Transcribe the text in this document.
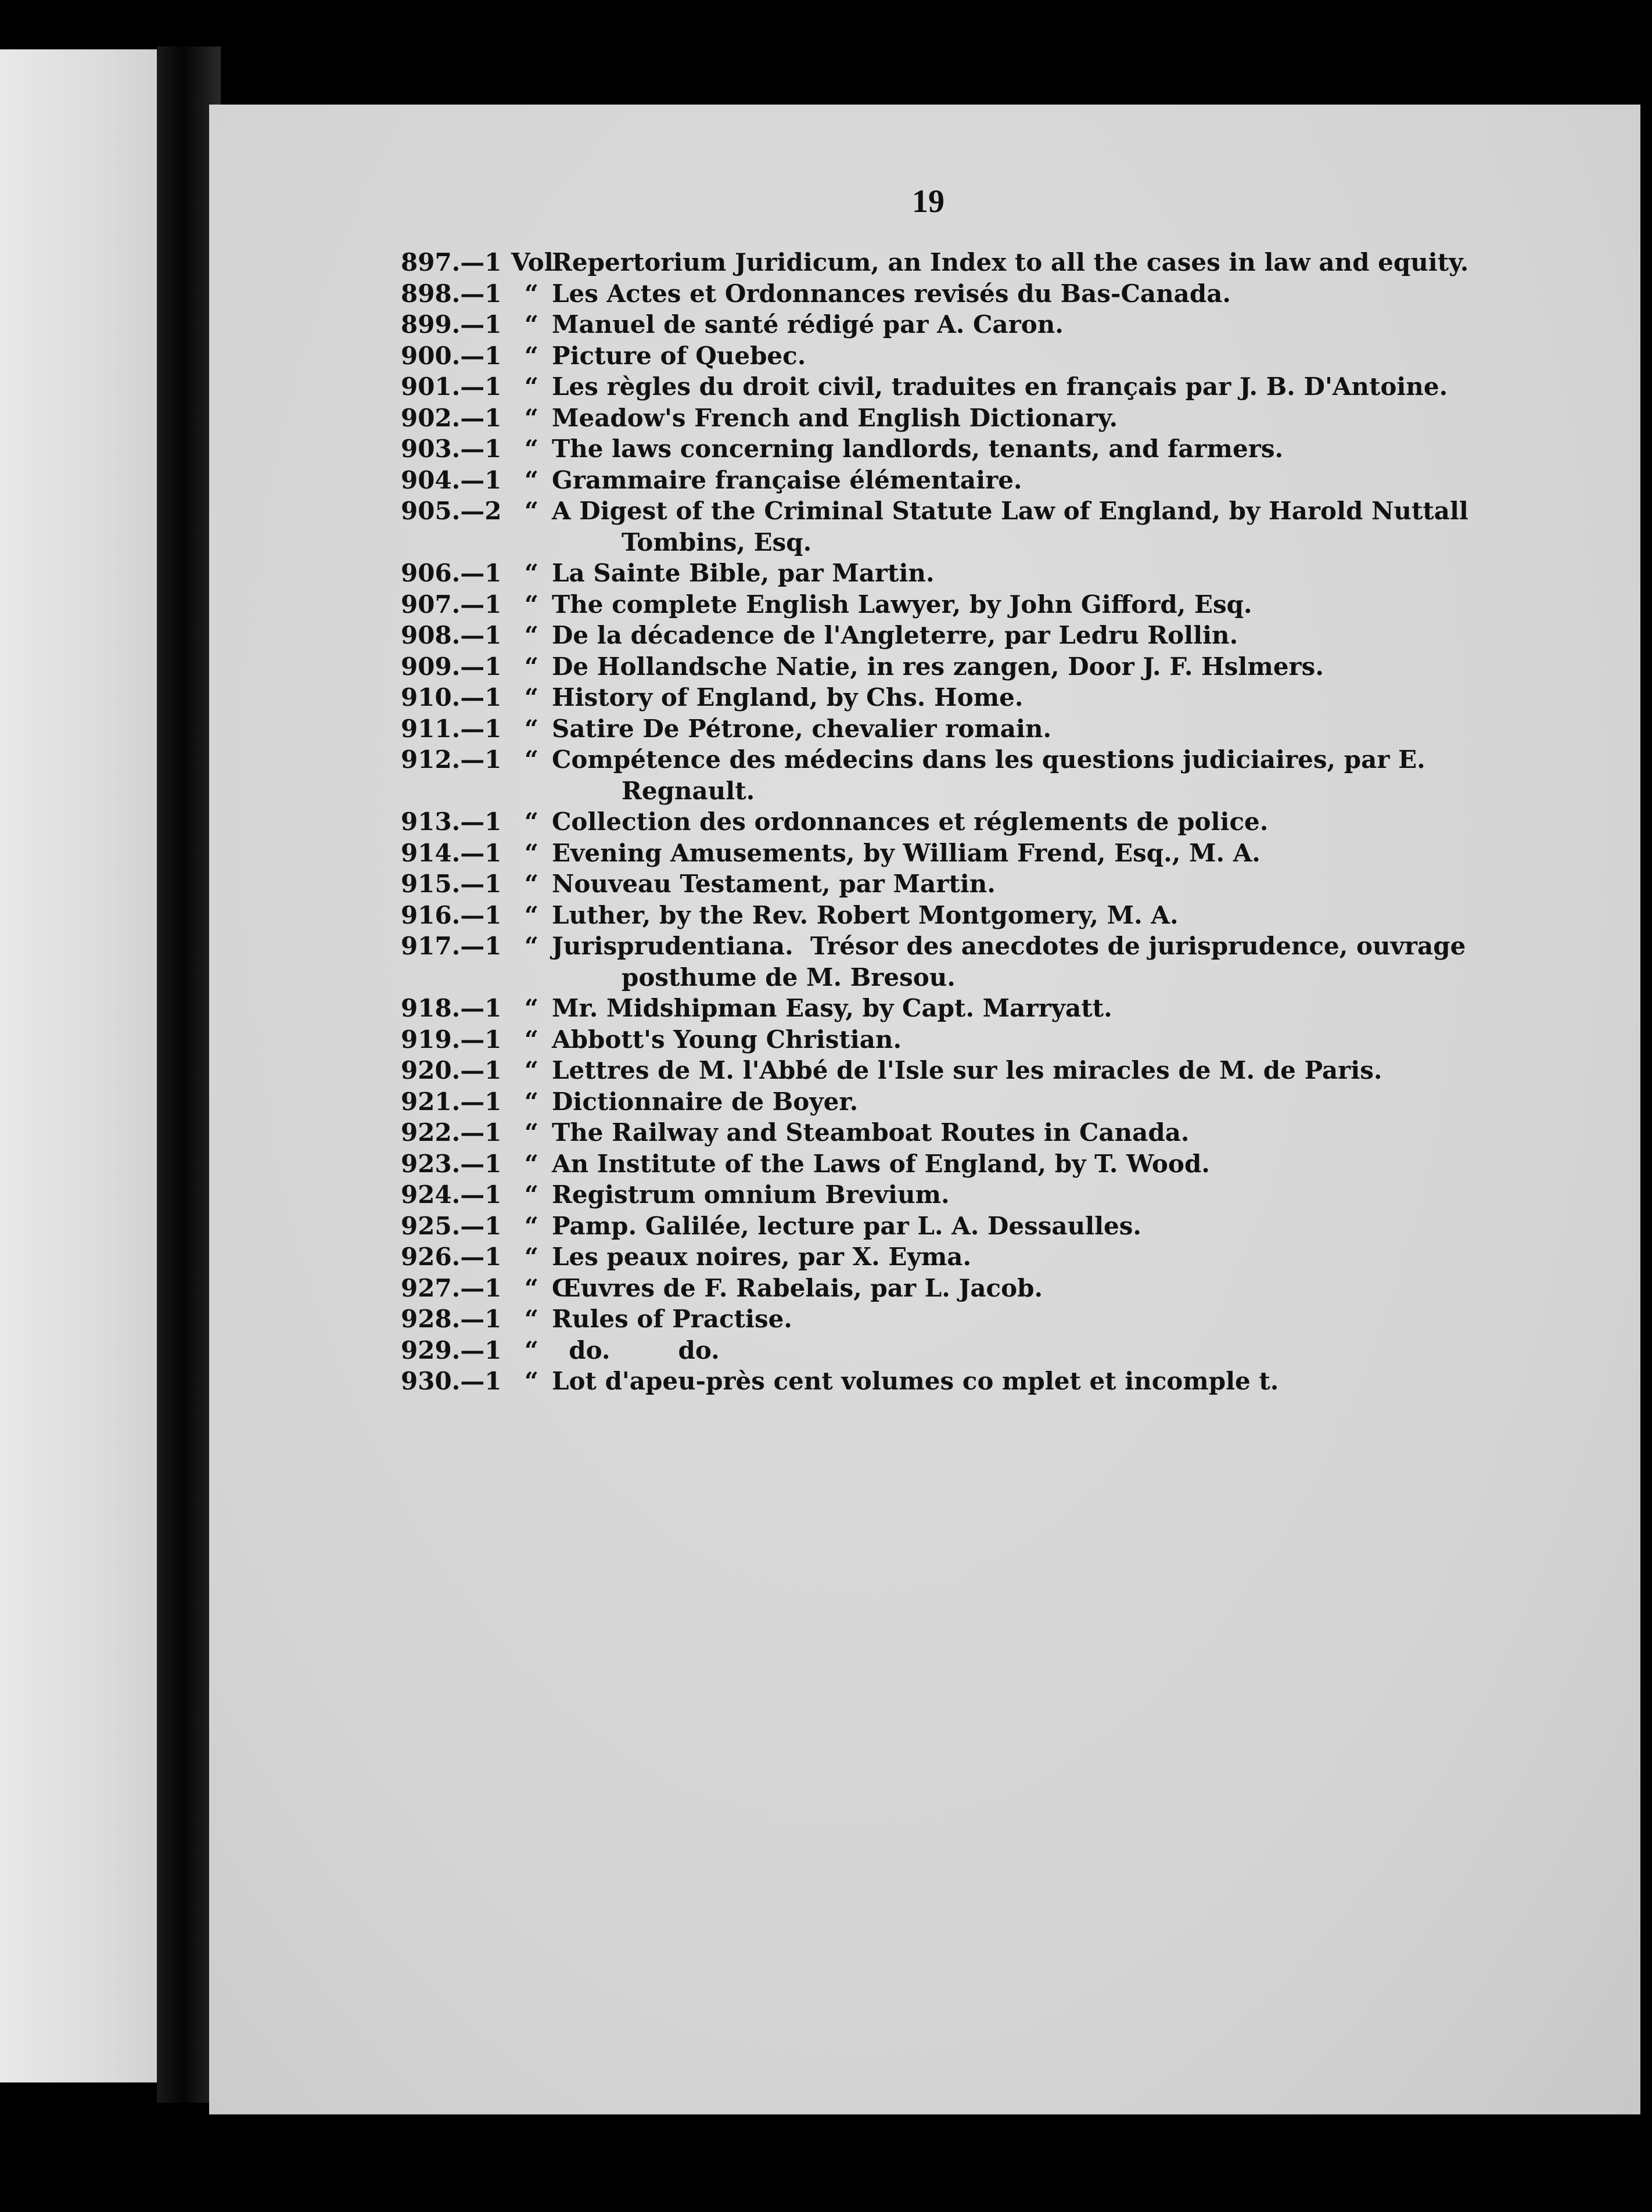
19
897.—1 Vol.
Repertorium Juridicum, an Index to all the cases in law and equity.
898.—1 “ Les Actes et Ordonnances revisés du Bas-Canada.
899.—1 “ Manuel de santé rédigé par A. Caron.
900.—1 “ Picture of Quebec.
901.—1 “ Les règles du droit civil, traduites en français par J. B. D'Antoine.
902.—1 “ Meadow's French and English Dictionary.
903.—1 “ The laws concerning landlords, tenants, and farmers.
904.—1 “ Grammaire française élémentaire.
905.—2 “ A Digest of the Criminal Statute Law of England, by Harold Nuttall
Tombins, Esq.
906.—1 “ La Sainte Bible, par Martin.
907.—1 “ The complete English Lawyer, by John Gifford, Esq.
908.—1 “ De la décadence de l'Angleterre, par Ledru Rollin.
909.—1 “ De Hollandsche Natie, in res zangen, Door J. F. Hslmers.
910.—1 “ History of England, by Chs. Home.
911.—1 “ Satire De Pétrone, chevalier romain.
912.—1 “ Compétence des médecins dans les questions judiciaires, par E.
Regnault.
913.—1 “ Collection des ordonnances et réglements de police.
914.—1 “ Evening Amusements, by William Frend, Esq., M. A.
915.—1 “ Nouveau Testament, par Martin.
916.—1 “ Luther, by the Rev. Robert Montgomery, M. A.
917.—1 “ Jurisprudentiana.  Trésor des anecdotes de jurisprudence, ouvrage
posthume de M. Bresou.
918.—1 “ Mr. Midshipman Easy, by Capt. Marryatt.
919.—1 “ Abbott's Young Christian.
920.—1 “ Lettres de M. l'Abbé de l'Isle sur les miracles de M. de Paris.
921.—1 “ Dictionnaire de Boyer.
922.—1 “ The Railway and Steamboat Routes in Canada.
923.—1 “ An Institute of the Laws of England, by T. Wood.
924.—1 “ Registrum omnium Brevium.
925.—1 “ Pamp. Galilée, lecture par L. A. Dessaulles.
926.—1 “ Les peaux noires, par X. Eyma.
927.—1 “ Œuvres de F. Rabelais, par L. Jacob.
928.—1 “ Rules of Practise.
929.—1 “ do.        do.
930.—1 “ Lot d'apeu-près cent volumes co mplet et incomple t.
